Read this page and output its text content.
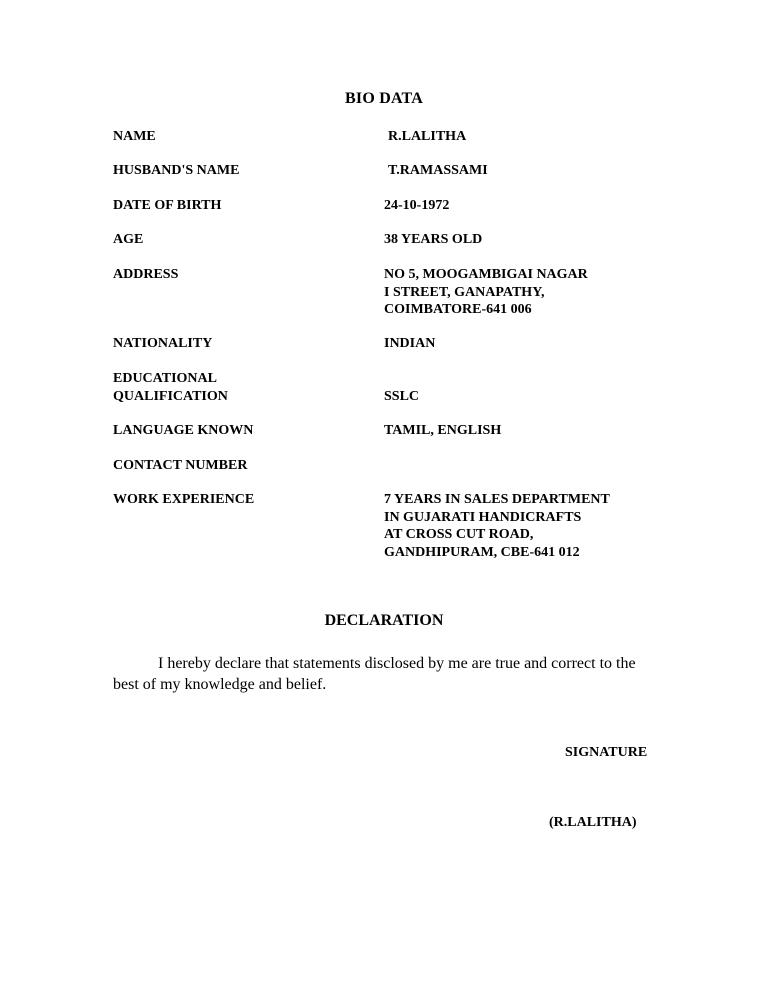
BIO DATA
NAME	R.LALITHA
HUSBAND'S NAME	T.RAMASSAMI
DATE OF BIRTH	24-10-1972
AGE	38 YEARS OLD
ADDRESS	NO 5, MOOGAMBIGAI NAGAR
I STREET, GANAPATHY,
COIMBATORE-641 006
NATIONALITY	INDIAN
EDUCATIONAL
QUALIFICATION	SSLC
LANGUAGE KNOWN	TAMIL, ENGLISH
CONTACT NUMBER
WORK EXPERIENCE	7 YEARS IN SALES DEPARTMENT
IN GUJARATI HANDICRAFTS
AT CROSS CUT ROAD,
GANDHIPURAM, CBE-641 012
DECLARATION
I hereby declare that statements disclosed by me are true and correct to the best of my knowledge and belief.
SIGNATURE
(R.LALITHA)
